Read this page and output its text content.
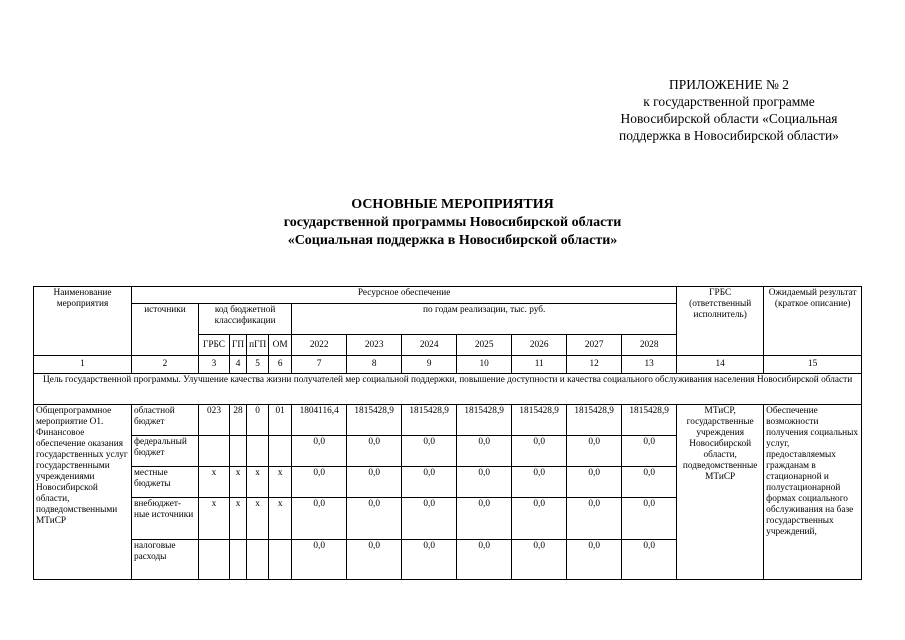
ПРИЛОЖЕНИЕ № 2
к государственной программе
Новосибирской области «Социальная
поддержка в Новосибирской области»
ОСНОВНЫЕ МЕРОПРИЯТИЯ
государственной программы Новосибирской области
«Социальная поддержка в Новосибирской области»
Наименование мероприятия	Ресурсное обеспечение												ГРБС (ответственный исполнитель)	Ожидаемый результат (краткое описание)
	источники	код бюджетной классификации				по годам реализации, тыс. руб.								
		ГРБС	ГП	пГП	ОМ	2022	2023	2024	2025	2026	2027	2028		
1	2	3	4	5	6	7	8	9	10	11	12	13	14	15
Цель государственной программы. Улучшение качества жизни получателей мер социальной поддержки, повышение доступности и качества социального обслуживания населения Новосибирской области														
Общепрограммное мероприятие О1. Финансовое обеспечение оказания государственных услуг государственными учреждениями Новосибирской области, подведомственными МТиСР	областной бюджет	023	28	0	01	1804116,4	1815428,9	1815428,9	1815428,9	1815428,9	1815428,9	1815428,9	МТиСР, государственные учреждения Новосибирской области, подведомственные МТиСР	Обеспечение возможности получения социальных услуг, предоставляемых гражданам в стационарной и полустационарной формах социального обслуживания на базе государственных учреждений,
	федеральный бюджет					0,0	0,0	0,0	0,0	0,0	0,0	0,0		
	местные бюджеты	х	х	х	х	0,0	0,0	0,0	0,0	0,0	0,0	0,0		
	внебюджет-ные источники	х	х	х	х	0,0	0,0	0,0	0,0	0,0	0,0	0,0		
	налоговые расходы					0,0	0,0	0,0	0,0	0,0	0,0	0,0		
